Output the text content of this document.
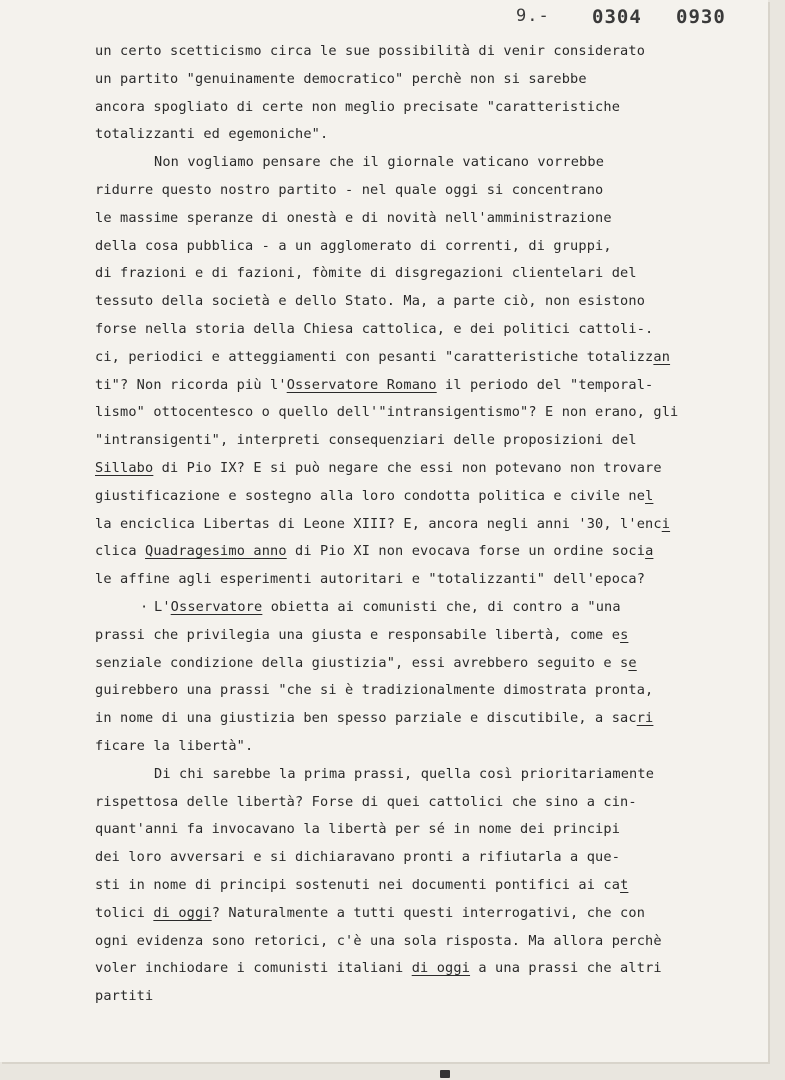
9.- 0304 0930
un certo scetticismo circa le sue possibilità di venir considerato
un partito "genuinamente democratico" perchè non si sarebbe
ancora spogliato di certe non meglio precisate "caratteristiche
totalizzanti ed egemoniche".
Non vogliamo pensare che il giornale vaticano vorrebbe
ridurre questo nostro partito - nel quale oggi si concentrano
le massime speranze di onestà e di novità nell'amministrazione
della cosa pubblica - a un agglomerato di correnti, di gruppi,
di frazioni e di fazioni, fòmite di disgregazioni clientelari del
tessuto della società e dello Stato. Ma, a parte ciò, non esistono
forse nella storia della Chiesa cattolica, e dei politici cattoli-.
ci, periodici e atteggiamenti con pesanti "caratteristiche totalizzan
ti"? Non ricorda più l'Osservatore Romano il periodo del "temporal-
lismo" ottocentesco o quello dell'"intransigentismo"? E non erano, gli
"intransigenti", interpreti consequenziari delle proposizioni del
Sillabo di Pio IX? E si può negare che essi non potevano non trovare
giustificazione e sostegno alla loro condotta politica e civile nel
la enciclica Libertas di Leone XIII? E, ancora negli anni '30, l'enci
clica Quadragesimo anno di Pio XI non evocava forse un ordine socia
le affine agli esperimenti autoritari e "totalizzanti" dell'epoca?
· L'Osservatore obietta ai comunisti che, di contro a "una
prassi che privilegia una giusta e responsabile libertà, come es
senziale condizione della giustizia", essi avrebbero seguito e se
guirebbero una prassi "che si è tradizionalmente dimostrata pronta,
in nome di una giustizia ben spesso parziale e discutibile, a sacri
ficare la libertà".
Di chi sarebbe la prima prassi, quella così prioritariamente
rispettosa delle libertà? Forse di quei cattolici che sino a cin-
quant'anni fa invocavano la libertà per sé in nome dei principi
dei loro avversari e si dichiaravano pronti a rifiutarla a que-
sti in nome di principi sostenuti nei documenti pontifici ai cat
tolici di oggi? Naturalmente a tutti questi interrogativi, che con
ogni evidenza sono retorici, c'è una sola risposta. Ma allora perchè
voler inchiodare i comunisti italiani di oggi a una prassi che altri
partiti
